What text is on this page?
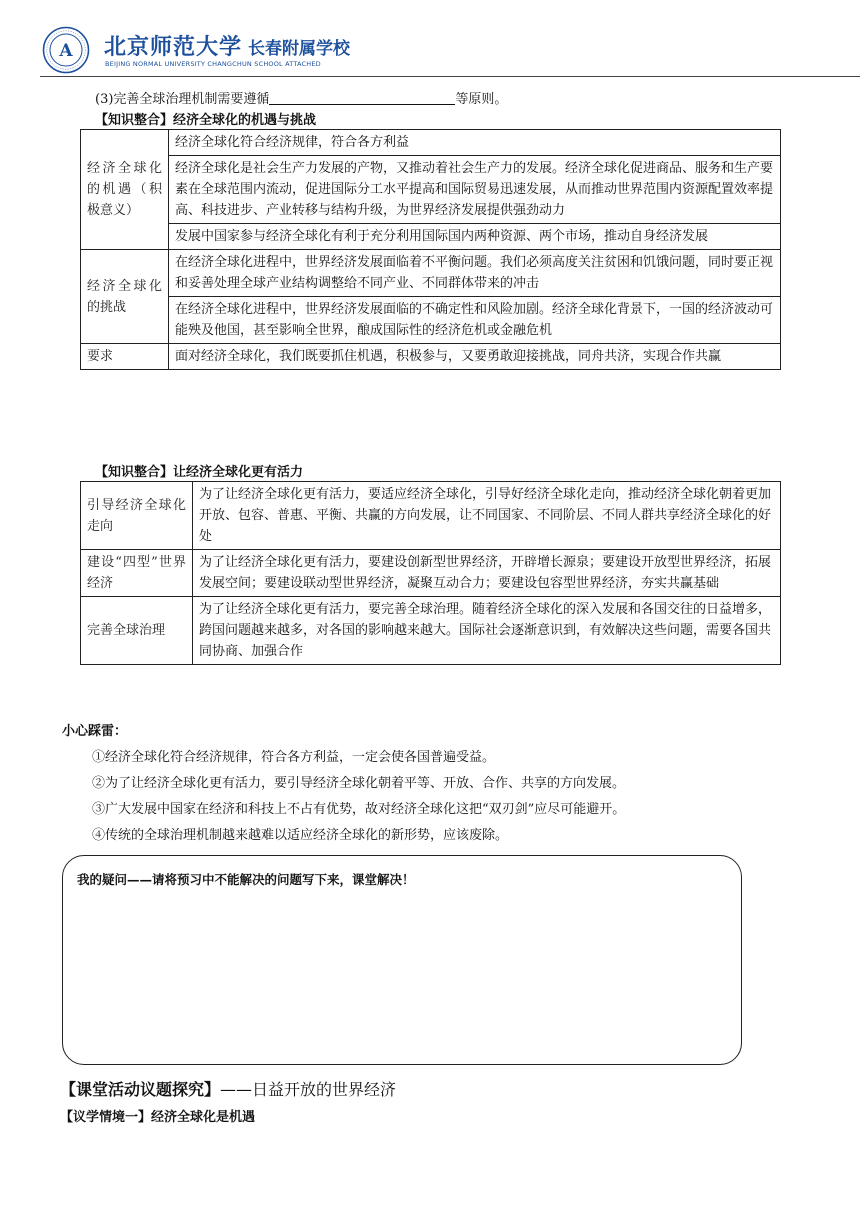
A 北京师范大学 长春附属学校
BEIJING NORMAL UNIVERSITY CHANGCHUN SCHOOL ATTACHED
(3)完善全球治理机制需要遵循	等原则。
【知识整合】经济全球化的机遇与挑战
经济全球化的机遇（积极意义）	经济全球化符合经济规律，符合各方利益
	经济全球化是社会生产力发展的产物，又推动着社会生产力的发展。经济全球化促进商品、服务和生产要素在全球范围内流动，促进国际分工水平提高和国际贸易迅速发展，从而推动世界范围内资源配置效率提高、科技进步、产业转移与结构升级，为世界经济发展提供强劲动力
	发展中国家参与经济全球化有利于充分利用国际国内两种资源、两个市场，推动自身经济发展
经济全球化的挑战	在经济全球化进程中，世界经济发展面临着不平衡问题。我们必须高度关注贫困和饥饿问题，同时要正视和妥善处理全球产业结构调整给不同产业、不同群体带来的冲击
	在经济全球化进程中，世界经济发展面临的不确定性和风险加剧。经济全球化背景下，一国的经济波动可能殃及他国，甚至影响全世界，酿成国际性的经济危机或金融危机
要求	面对经济全球化，我们既要抓住机遇，积极参与，又要勇敢迎接挑战，同舟共济，实现合作共赢
【知识整合】让经济全球化更有活力
引导经济全球化走向	为了让经济全球化更有活力，要适应经济全球化，引导好经济全球化走向，推动经济全球化朝着更加开放、包容、普惠、平衡、共赢的方向发展，让不同国家、不同阶层、不同人群共享经济全球化的好处
建设“四型”世界经济	为了让经济全球化更有活力，要建设创新型世界经济，开辟增长源泉；要建设开放型世界经济，拓展发展空间；要建设联动型世界经济，凝聚互动合力；要建设包容型世界经济，夯实共赢基础
完善全球治理	为了让经济全球化更有活力，要完善全球治理。随着经济全球化的深入发展和各国交往的日益增多，跨国问题越来越多，对各国的影响越来越大。国际社会逐渐意识到，有效解决这些问题，需要各国共同协商、加强合作
小心踩雷：
①经济全球化符合经济规律，符合各方利益，一定会使各国普遍受益。
②为了让经济全球化更有活力，要引导经济全球化朝着平等、开放、合作、共享的方向发展。
③广大发展中国家在经济和科技上不占有优势，故对经济全球化这把“双刃剑”应尽可能避开。
④传统的全球治理机制越来越难以适应经济全球化的新形势，应该废除。
我的疑问——请将预习中不能解决的问题写下来，课堂解决！
【课堂活动议题探究】——日益开放的世界经济
【议学情境一】经济全球化是机遇
